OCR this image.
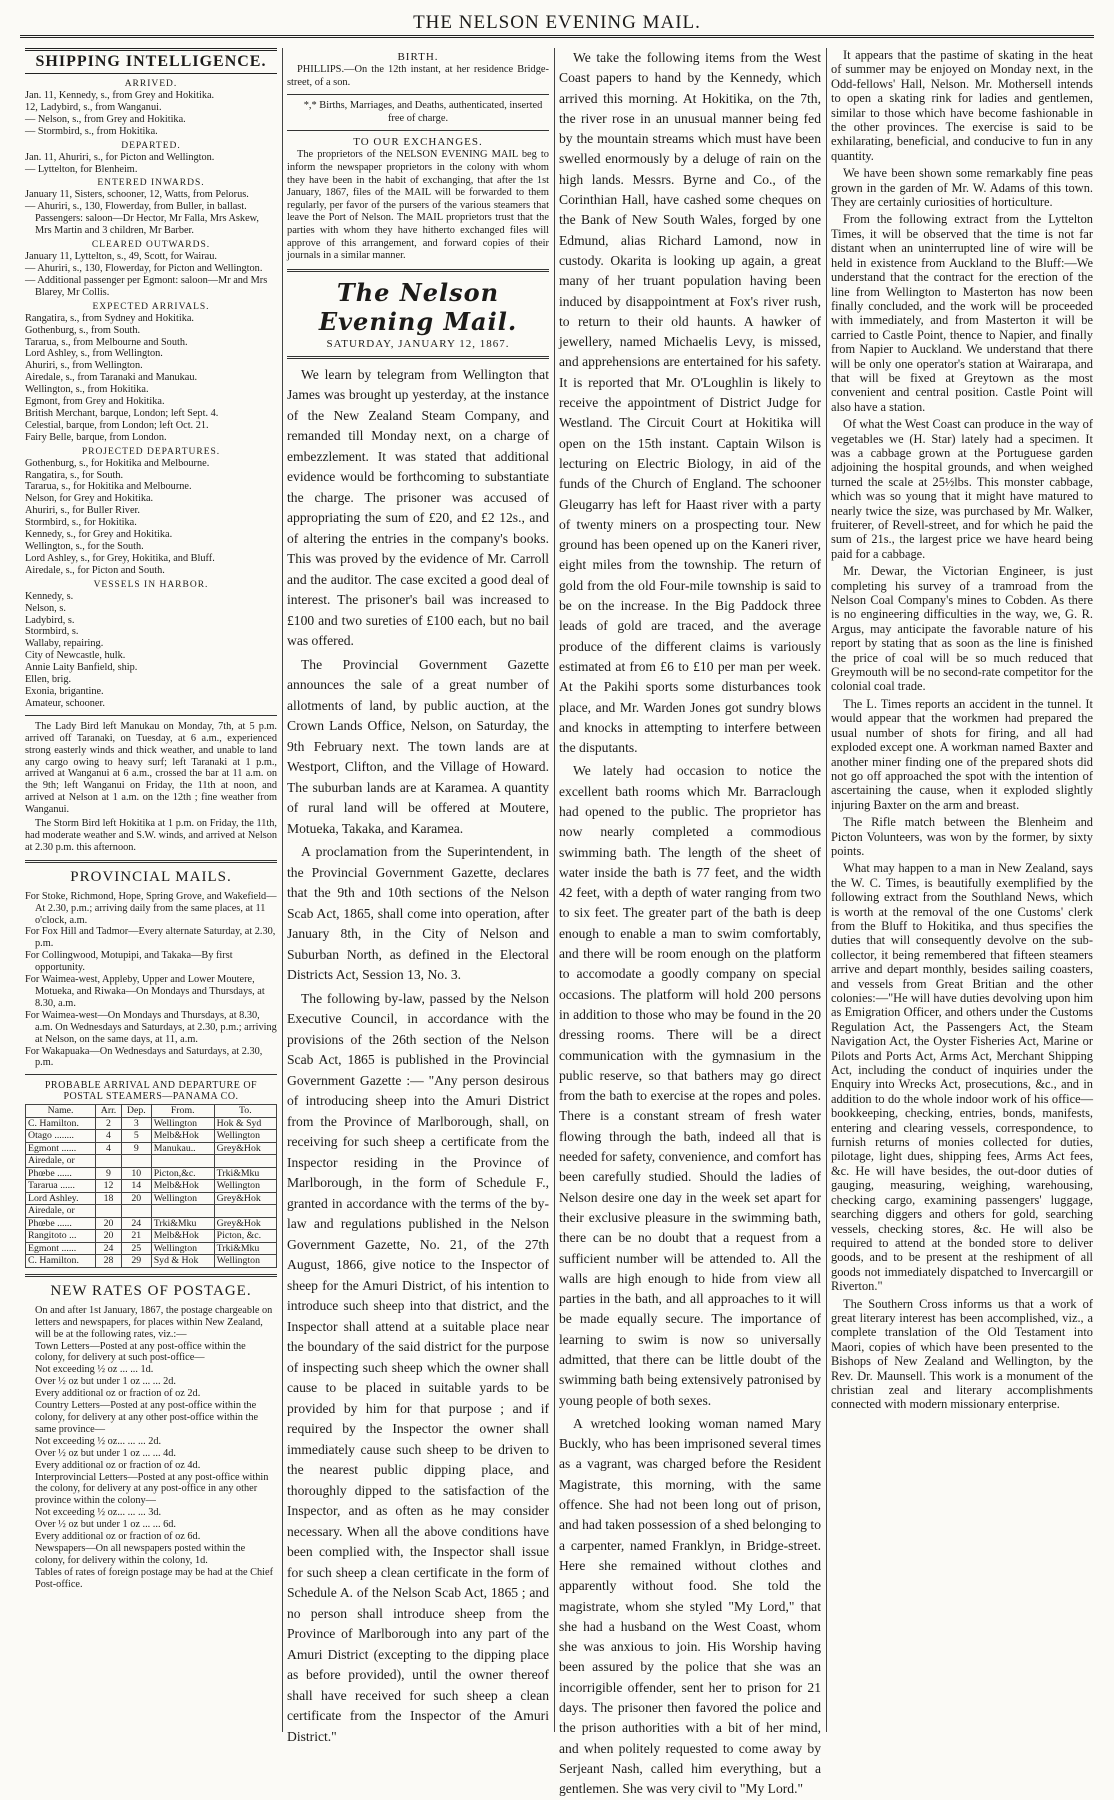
THE NELSON EVENING MAIL.
SHIPPING INTELLIGENCE.
ARRIVED.

Jan. 11, Kennedy, s., from Grey and Hokitika.

12, Ladybird, s., from Wanganui.

— Nelson, s., from Grey and Hokitika.

— Stormbird, s., from Hokitika.

DEPARTED.

Jan. 11, Ahuriri, s., for Picton and Wellington.

— Lyttelton, for Blenheim.

ENTERED INWARDS.

January 11, Sisters, schooner, 12, Watts, from Pelorus.

— Ahuriri, s., 130, Flowerday, from Buller, in ballast. Passengers: saloon—Dr Hector, Mr Falla, Mrs Askew, Mrs Martin and 3 children, Mr Barber.

CLEARED OUTWARDS.

January 11, Lyttelton, s., 49, Scott, for Wairau.

— Ahuriri, s., 130, Flowerday, for Picton and Wellington.

— Additional passenger per Egmont: saloon—Mr and Mrs Blarey, Mr Collis.

EXPECTED ARRIVALS.

Rangatira, s., from Sydney and Hokitika.

Gothenburg, s., from South.

Tararua, s., from Melbourne and South.

Lord Ashley, s., from Wellington.

Ahuriri, s., from Wellington.

Airedale, s., from Taranaki and Manukau.

Wellington, s., from Hokitika.

Egmont, from Grey and Hokitika.

British Merchant, barque, London; left Sept. 4.

Celestial, barque, from London; left Oct. 21.

Fairy Belle, barque, from London.

PROJECTED DEPARTURES.

Gothenburg, s., for Hokitika and Melbourne.

Rangatira, s., for South.

Tararua, s., for Hokitika and Melbourne.

Nelson, for Grey and Hokitika.

Ahuriri, s., for Buller River.

Stormbird, s., for Hokitika.

Kennedy, s., for Grey and Hokitika.

Wellington, s., for the South.

Lord Ashley, s., for Grey, Hokitika, and Bluff.

Airedale, s., for Picton and South.

VESSELS IN HARBOR.

Kennedy, s.

Nelson, s.

Ladybird, s.

Stormbird, s.

Wallaby, repairing.

City of Newcastle, hulk.

Annie Laity Banfield, ship.

Ellen, brig.

Exonia, brigantine.

Amateur, schooner.

The Lady Bird left Manukau on Monday, 7th, at 5 p.m. arrived off Taranaki, on Tuesday, at 6 a.m., experienced strong easterly winds and thick weather, and unable to land any cargo owing to heavy surf; left Taranaki at 1 p.m., arrived at Wanganui at 6 a.m., crossed the bar at 11 a.m. on the 9th; left Wanganui on Friday, the 11th at noon, and arrived at Nelson at 1 a.m. on the 12th ; fine weather from Wanganui.

The Storm Bird left Hokitika at 1 p.m. on Friday, the 11th, had moderate weather and S.W. winds, and arrived at Nelson at 2.30 p.m. this afternoon.

PROVINCIAL MAILS.

For Stoke, Richmond, Hope, Spring Grove, and Wakefield—At 2.30, p.m.; arriving daily from the same places, at 11 o'clock, a.m.

For Fox Hill and Tadmor—Every alternate Saturday, at 2.30, p.m.

For Collingwood, Motupipi, and Takaka—By first opportunity.

For Waimea-west, Appleby, Upper and Lower Moutere, Motueka, and Riwaka—On Mondays and Thursdays, at 8.30, a.m.

For Waimea-west—On Mondays and Thursdays, at 8.30, a.m. On Wednesdays and Saturdays, at 2.30, p.m.; arriving at Nelson, on the same days, at 11, a.m.

For Wakapuaka—On Wednesdays and Saturdays, at 2.30, p.m.

PROBABLE ARRIVAL AND DEPARTURE OF POSTAL STEAMERS—PANAMA CO.
Name.	Arr.	Dep.	From.	To.
C. Hamilton.	2	3	Wellington	Hok & Syd
Otago ........	4	5	Melb&Hok	Wellington
Egmont ......	4	9	Manukau..	Grey&Hok
Airedale, or				
Phœbe ......	9	10	Picton,&c.	Trki&Mku
Tararua ......	12	14	Melb&Hok	Wellington
Lord Ashley.	18	20	Wellington	Grey&Hok
Airedale, or				
Phœbe ......	20	24	Trki&Mku	Grey&Hok
Rangitoto ...	20	21	Melb&Hok	Picton, &c.
Egmont ......	24	25	Wellington	Trki&Mku
C. Hamilton.	28	29	Syd & Hok	Wellington
NEW RATES OF POSTAGE.

On and after 1st January, 1867, the postage chargeable on letters and newspapers, for places within New Zealand, will be at the following rates, viz.:—

Town Letters—Posted at any post-office within the colony, for delivery at such post-office—

Not exceeding ½ oz ... ... 1d.

Over ½ oz but under 1 oz ... ... 2d.

Every additional oz or fraction of oz 2d.

Country Letters—Posted at any post-office within the colony, for delivery at any other post-office within the same province—

Not exceeding ½ oz... ... ... 2d.

Over ½ oz but under 1 oz ... ... 4d.

Every additional oz or fraction of oz 4d.

Interprovincial Letters—Posted at any post-office within the colony, for delivery at any post-office in any other province within the colony—

Not exceeding ½ oz... ... ... 3d.

Over ½ oz but under 1 oz ... ... 6d.

Every additional oz or fraction of oz 6d.

Newspapers—On all newspapers posted within the colony, for delivery within the colony, 1d.

Tables of rates of foreign postage may be had at the Chief Post-office.

BIRTH.

PHILLIPS.—On the 12th instant, at her residence Bridge-street, of a son.

*,* Births, Marriages, and Deaths, authenticated, inserted free of charge.

TO OUR EXCHANGES.

The proprietors of the NELSON EVENING MAIL beg to inform the newspaper proprietors in the colony with whom they have been in the habit of exchanging, that after the 1st January, 1867, files of the MAIL will be forwarded to them regularly, per favor of the pursers of the various steamers that leave the Port of Nelson. The MAIL proprietors trust that the parties with whom they have hitherto exchanged files will approve of this arrangement, and forward copies of their journals in a similar manner.

The Nelson Evening Mail.
SATURDAY, JANUARY 12, 1867.

We learn by telegram from Wellington that James was brought up yesterday, at the instance of the New Zealand Steam Company, and remanded till Monday next, on a charge of embezzlement. It was stated that additional evidence would be forthcoming to substantiate the charge. The prisoner was accused of appropriating the sum of £20, and £2 12s., and of altering the entries in the company's books. This was proved by the evidence of Mr. Carroll and the auditor. The case excited a good deal of interest. The prisoner's bail was increased to £100 and two sureties of £100 each, but no bail was offered.

The Provincial Government Gazette announces the sale of a great number of allotments of land, by public auction, at the Crown Lands Office, Nelson, on Saturday, the 9th February next. The town lands are at Westport, Clifton, and the Village of Howard. The suburban lands are at Karamea. A quantity of rural land will be offered at Moutere, Motueka, Takaka, and Karamea.

A proclamation from the Superintendent, in the Provincial Government Gazette, declares that the 9th and 10th sections of the Nelson Scab Act, 1865, shall come into operation, after January 8th, in the City of Nelson and Suburban North, as defined in the Electoral Districts Act, Session 13, No. 3.

The following by-law, passed by the Nelson Executive Council, in accordance with the provisions of the 26th section of the Nelson Scab Act, 1865 is published in the Provincial Government Gazette :— "Any person desirous of introducing sheep into the Amuri District from the Province of Marlborough, shall, on receiving for such sheep a certificate from the Inspector residing in the Province of Marlborough, in the form of Schedule F., granted in accordance with the terms of the by-law and regulations published in the Nelson Government Gazette, No. 21, of the 27th August, 1866, give notice to the Inspector of sheep for the Amuri District, of his intention to introduce such sheep into that district, and the Inspector shall attend at a suitable place near the boundary of the said district for the purpose of inspecting such sheep which the owner shall cause to be placed in suitable yards to be provided by him for that purpose ; and if required by the Inspector the owner shall immediately cause such sheep to be driven to the nearest public dipping place, and thoroughly dipped to the satisfaction of the Inspector, and as often as he may consider necessary. When all the above conditions have been complied with, the Inspector shall issue for such sheep a clean certificate in the form of Schedule A. of the Nelson Scab Act, 1865 ; and no person shall introduce sheep from the Province of Marlborough into any part of the Amuri District (excepting to the dipping place as before provided), until the owner thereof shall have received for such sheep a clean certificate from the Inspector of the Amuri District."

We take the following items from the West Coast papers to hand by the Kennedy, which arrived this morning. At Hokitika, on the 7th, the river rose in an unusual manner being fed by the mountain streams which must have been swelled enormously by a deluge of rain on the high lands. Messrs. Byrne and Co., of the Corinthian Hall, have cashed some cheques on the Bank of New South Wales, forged by one Edmund, alias Richard Lamond, now in custody. Okarita is looking up again, a great many of her truant population having been induced by disappointment at Fox's river rush, to return to their old haunts. A hawker of jewellery, named Michaelis Levy, is missed, and apprehensions are entertained for his safety. It is reported that Mr. O'Loughlin is likely to receive the appointment of District Judge for Westland. The Circuit Court at Hokitika will open on the 15th instant. Captain Wilson is lecturing on Electric Biology, in aid of the funds of the Church of England. The schooner Gleugarry has left for Haast river with a party of twenty miners on a prospecting tour. New ground has been opened up on the Kaneri river, eight miles from the township. The return of gold from the old Four-mile township is said to be on the increase. In the Big Paddock three leads of gold are traced, and the average produce of the different claims is variously estimated at from £6 to £10 per man per week. At the Pakihi sports some disturbances took place, and Mr. Warden Jones got sundry blows and knocks in attempting to interfere between the disputants.

We lately had occasion to notice the excellent bath rooms which Mr. Barraclough had opened to the public. The proprietor has now nearly completed a commodious swimming bath. The length of the sheet of water inside the bath is 77 feet, and the width 42 feet, with a depth of water ranging from two to six feet. The greater part of the bath is deep enough to enable a man to swim comfortably, and there will be room enough on the platform to accomodate a goodly company on special occasions. The platform will hold 200 persons in addition to those who may be found in the 20 dressing rooms. There will be a direct communication with the gymnasium in the public reserve, so that bathers may go direct from the bath to exercise at the ropes and poles. There is a constant stream of fresh water flowing through the bath, indeed all that is needed for safety, convenience, and comfort has been carefully studied. Should the ladies of Nelson desire one day in the week set apart for their exclusive pleasure in the swimming bath, there can be no doubt that a request from a sufficient number will be attended to. All the walls are high enough to hide from view all parties in the bath, and all approaches to it will be made equally secure. The importance of learning to swim is now so universally admitted, that there can be little doubt of the swimming bath being extensively patronised by young people of both sexes.

A wretched looking woman named Mary Buckly, who has been imprisoned several times as a vagrant, was charged before the Resident Magistrate, this morning, with the same offence. She had not been long out of prison, and had taken possession of a shed belonging to a carpenter, named Franklyn, in Bridge-street. Here she remained without clothes and apparently without food. She told the magistrate, whom she styled "My Lord," that she had a husband on the West Coast, whom she was anxious to join. His Worship having been assured by the police that she was an incorrigible offender, sent her to prison for 21 days. The prisoner then favored the police and the prison authorities with a bit of her mind, and when politely requested to come away by Serjeant Nash, called him everything, but a gentlemen. She was very civil to "My Lord."

It appears that the pastime of skating in the heat of summer may be enjoyed on Monday next, in the Odd-fellows' Hall, Nelson. Mr. Mothersell intends to open a skating rink for ladies and gentlemen, similar to those which have become fashionable in the other provinces. The exercise is said to be exhilarating, beneficial, and conducive to fun in any quantity.

We have been shown some remarkably fine peas grown in the garden of Mr. W. Adams of this town. They are certainly curiosities of horticulture.

From the following extract from the Lyttelton Times, it will be observed that the time is not far distant when an uninterrupted line of wire will be held in existence from Auckland to the Bluff:—We understand that the contract for the erection of the line from Wellington to Masterton has now been finally concluded, and the work will be proceeded with immediately, and from Masterton it will be carried to Castle Point, thence to Napier, and finally from Napier to Auckland. We understand that there will be only one operator's station at Wairarapa, and that will be fixed at Greytown as the most convenient and central position. Castle Point will also have a station.

Of what the West Coast can produce in the way of vegetables we (H. Star) lately had a specimen. It was a cabbage grown at the Portuguese garden adjoining the hospital grounds, and when weighed turned the scale at 25½lbs. This monster cabbage, which was so young that it might have matured to nearly twice the size, was purchased by Mr. Walker, fruiterer, of Revell-street, and for which he paid the sum of 21s., the largest price we have heard being paid for a cabbage.

Mr. Dewar, the Victorian Engineer, is just completing his survey of a tramroad from the Nelson Coal Company's mines to Cobden. As there is no engineering difficulties in the way, we, G. R. Argus, may anticipate the favorable nature of his report by stating that as soon as the line is finished the price of coal will be so much reduced that Greymouth will be no second-rate competitor for the colonial coal trade.

The L. Times reports an accident in the tunnel. It would appear that the workmen had prepared the usual number of shots for firing, and all had exploded except one. A workman named Baxter and another miner finding one of the prepared shots did not go off approached the spot with the intention of ascertaining the cause, when it exploded slightly injuring Baxter on the arm and breast.

The Rifle match between the Blenheim and Picton Volunteers, was won by the former, by sixty points.

What may happen to a man in New Zealand, says the W. C. Times, is beautifully exemplified by the following extract from the Southland News, which is worth at the removal of the one Customs' clerk from the Bluff to Hokitika, and thus specifies the duties that will consequently devolve on the sub-collector, it being remembered that fifteen steamers arrive and depart monthly, besides sailing coasters, and vessels from Great Britian and the other colonies:—"He will have duties devolving upon him as Emigration Officer, and others under the Customs Regulation Act, the Passengers Act, the Steam Navigation Act, the Oyster Fisheries Act, Marine or Pilots and Ports Act, Arms Act, Merchant Shipping Act, including the conduct of inquiries under the Enquiry into Wrecks Act, prosecutions, &c., and in addition to do the whole indoor work of his office—bookkeeping, checking, entries, bonds, manifests, entering and clearing vessels, correspondence, to furnish returns of monies collected for duties, pilotage, light dues, shipping fees, Arms Act fees, &c. He will have besides, the out-door duties of gauging, measuring, weighing, warehousing, checking cargo, examining passengers' luggage, searching diggers and others for gold, searching vessels, checking stores, &c. He will also be required to attend at the bonded store to deliver goods, and to be present at the reshipment of all goods not immediately dispatched to Invercargill or Riverton."

The Southern Cross informs us that a work of great literary interest has been accomplished, viz., a complete translation of the Old Testament into Maori, copies of which have been presented to the Bishops of New Zealand and Wellington, by the Rev. Dr. Maunsell. This work is a monument of the christian zeal and literary accomplishments connected with modern missionary enterprise.
